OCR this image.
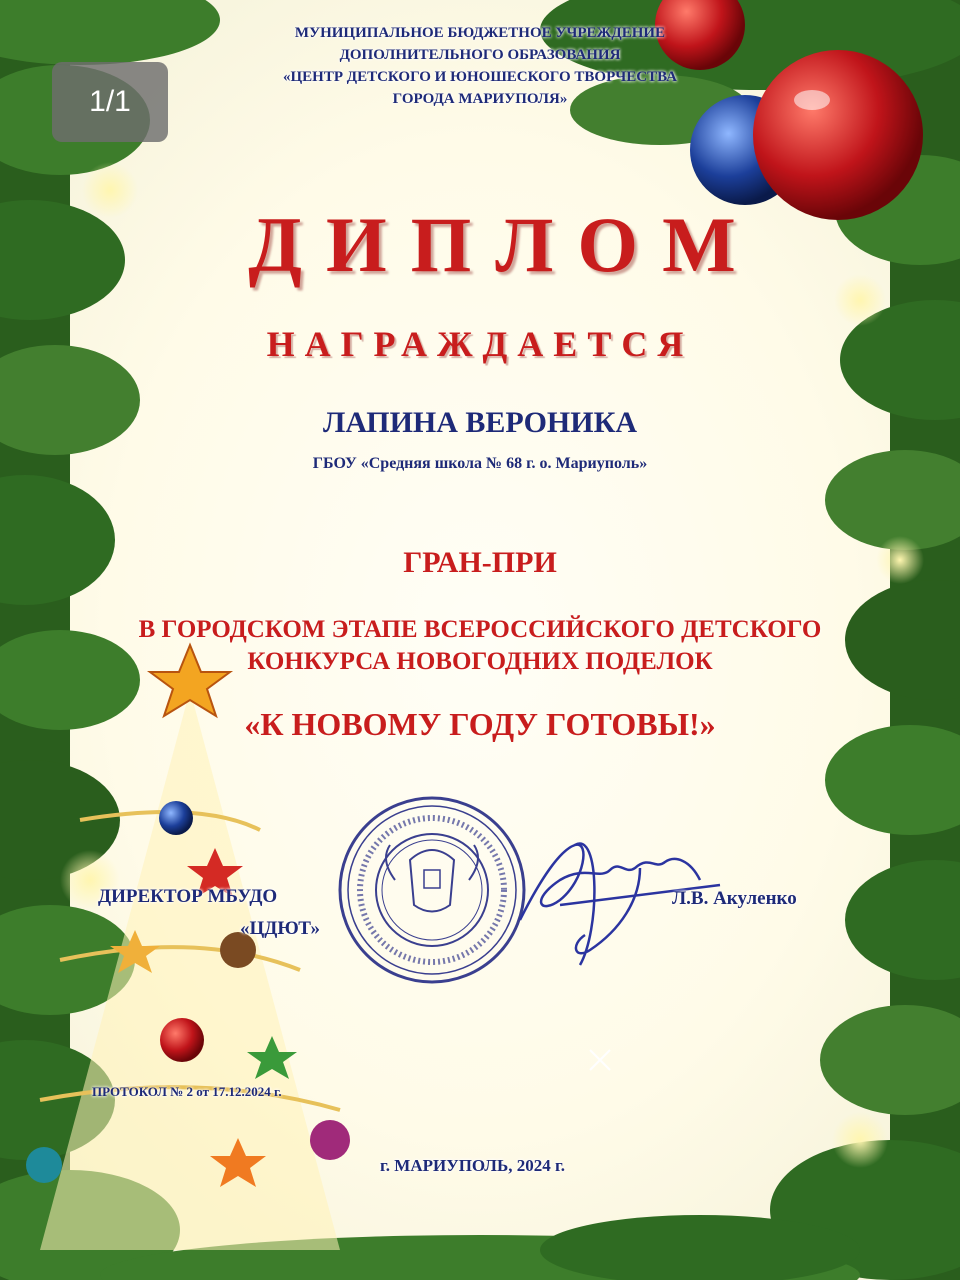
1/1
МУНИЦИПАЛЬНОЕ БЮДЖЕТНОЕ УЧРЕЖДЕНИЕ
ДОПОЛНИТЕЛЬНОГО ОБРАЗОВАНИЯ
«ЦЕНТР ДЕТСКОГО И ЮНОШЕСКОГО ТВОРЧЕСТВА
ГОРОДА МАРИУПОЛЯ»
ДИПЛОМ
НАГРАЖДАЕТСЯ
ЛАПИНА ВЕРОНИКА
ГБОУ «Средняя школа № 68 г. о. Мариуполь»
ГРАН-ПРИ
В ГОРОДСКОМ ЭТАПЕ ВСЕРОССИЙСКОГО ДЕТСКОГО
КОНКУРСА НОВОГОДНИХ ПОДЕЛОК
«К НОВОМУ ГОДУ ГОТОВЫ!»
ДИРЕКТОР МБУДО
«ЦДЮТ»
Л.В. Акуленко
ПРОТОКОЛ № 2 от 17.12.2024 г.
г. МАРИУПОЛЬ, 2024 г.
